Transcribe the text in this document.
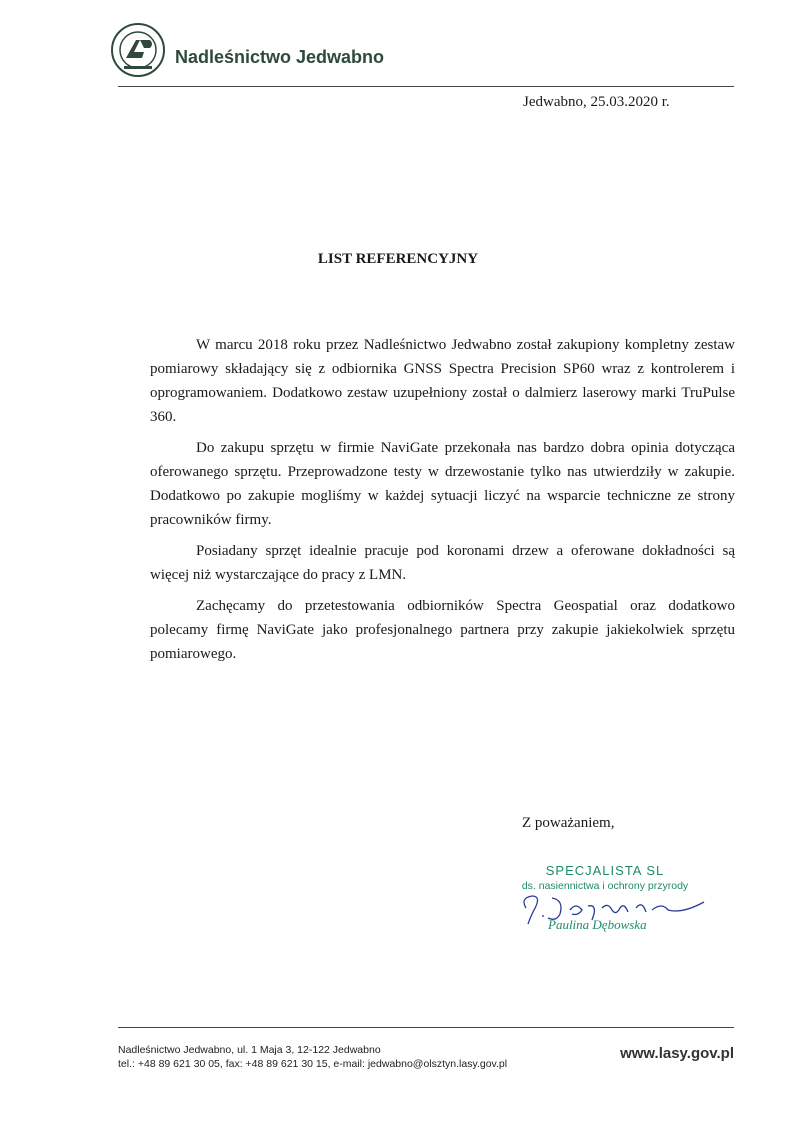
Nadleśnictwo Jedwabno
Jedwabno, 25.03.2020 r.
LIST REFERENCYJNY

W marcu 2018 roku przez Nadleśnictwo Jedwabno został zakupiony kompletny zestaw pomiarowy składający się z odbiornika GNSS Spectra Precision SP60 wraz z kontrolerem i oprogramowaniem. Dodatkowo zestaw uzupełniony został o dalmierz laserowy marki TruPulse 360.

Do zakupu sprzętu w firmie NaviGate przekonała nas bardzo dobra opinia dotycząca oferowanego sprzętu. Przeprowadzone testy w drzewostanie tylko nas utwierdziły w zakupie. Dodatkowo po zakupie mogliśmy w każdej sytuacji liczyć na wsparcie techniczne ze strony pracowników firmy.

Posiadany sprzęt idealnie pracuje pod koronami drzew a oferowane dokładności są więcej niż wystarczające do pracy z LMN.

Zachęcamy do przetestowania odbiorników Spectra Geospatial oraz dodatkowo polecamy firmę NaviGate jako profesjonalnego partnera przy zakupie jakiekolwiek sprzętu pomiarowego.

Z poważaniem,
SPECJALISTA SL
ds. nasiennictwa i ochrony przyrody
Paulina Dębowska
Nadleśnictwo Jedwabno, ul. 1 Maja 3, 12-122 Jedwabno
tel.: +48 89 621 30 05, fax: +48 89 621 30 15, e-mail: jedwabno@olsztyn.lasy.gov.pl
www.lasy.gov.pl
